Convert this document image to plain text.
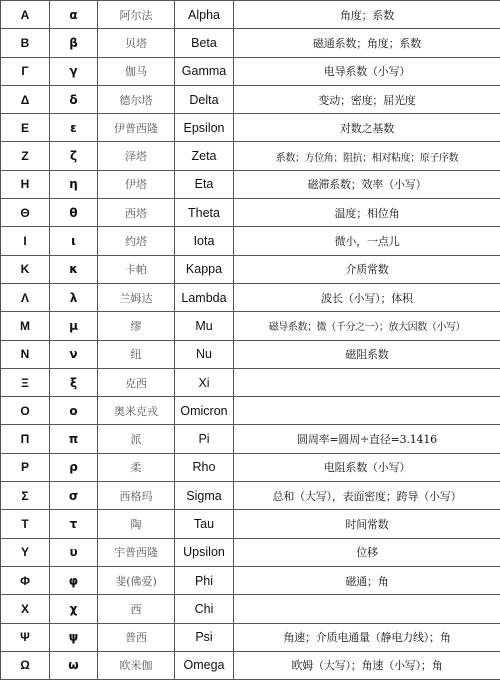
Α	α	阿尔法	Alpha	角度；系数
Β	β	贝塔	Beta	磁通系数；角度；系数
Γ	γ	伽马	Gamma	电导系数（小写）
Δ	δ	德尔塔	Delta	变动；密度；屈光度
Ε	ε	伊普西隆	Epsilon	对数之基数
Ζ	ζ	泽塔	Zeta	系数；方位角；阻抗；相对粘度；原子序数
Η	η	伊塔	Eta	磁滞系数；效率（小写）
Θ	θ	西塔	Theta	温度；相位角
Ι	ι	约塔	Iota	微小，一点儿
Κ	κ	卡帕	Kappa	介质常数
Λ	λ	兰姆达	Lambda	波长（小写）；体积
Μ	μ	缪	Mu	磁导系数；微（千分之一）；放大因数（小写）
Ν	ν	纽	Nu	磁阻系数
Ξ	ξ	克西	Xi	
Ο	ο	奥米克戎	Omicron	
Π	π	派	Pi	圆周率=圆周÷直径=3.1416
Ρ	ρ	柔	Rho	电阻系数（小写）
Σ	σ	西格玛	Sigma	总和（大写），表面密度；跨导（小写）
Τ	τ	陶	Tau	时间常数
Υ	υ	宇普西隆	Upsilon	位移
Φ	φ	斐(佛爱)	Phi	磁通；角
Χ	χ	西	Chi	
Ψ	ψ	普西	Psi	角速；介质电通量（静电力线）；角
Ω	ω	欧米伽	Omega	欧姆（大写）；角速（小写）；角
